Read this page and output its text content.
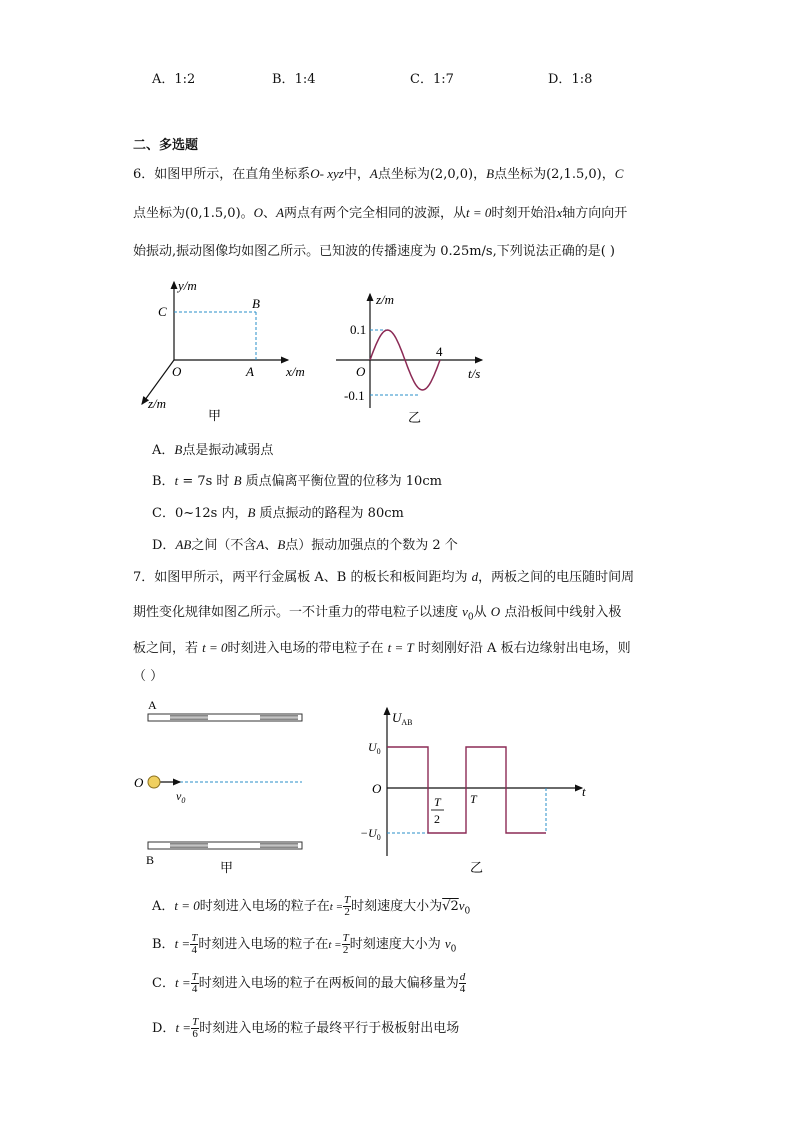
A．1:2	B．1:4	C．1:7	D．1:8
二、多选题
6．如图甲所示，在直角坐标系O- xyz中，A点坐标为(2,0,0)，B点坐标为(2,1.5,0)，C
点坐标为(0,1.5,0)。O、A两点有两个完全相同的波源，从t = 0时刻开始沿x轴方向向开
始振动,振动图像均如图乙所示。已知波的传播速度为 0.25m/s,下列说法正确的是( )
y/m
x/m
z/m
O	A
B
C
甲
z/m
t/s
O
0.1
-0.1
4
乙
A．B点是振动减弱点
B．t = 7s 时 B 质点偏离平衡位置的位移为 10cm
C．0~12s 内，B 质点振动的路程为 80cm
D．AB之间（不含A、B点）振动加强点的个数为 2 个
7．如图甲所示，两平行金属板 A、B 的板长和板间距均为 d，两板之间的电压随时间周
期性变化规律如图乙所示。一不计重力的带电粒子以速度 $v_0$从 O 点沿板间中线射入极
板之间，若 t = 0时刻进入电场的带电粒子在 t = T 时刻刚好沿 A 板右边缘射出电场，则
（ ）
A
B
O
$v_0$
甲
$U_{AB}$
t
O
$U_0$
$-U_0$
T
2
T
乙
A．t = 0时刻进入电场的粒子在$t = \frac{T}{2}$ 时刻速度大小为$√2v_0$
B．$t = \frac{T}{4}$ 时刻进入电场的粒子在$t = \frac{T}{2}$ 时刻速度大小为 $v_0$
C．$t = \frac{T}{4}$ 时刻进入电场的粒子在两板间的最大偏移量为 $\frac{d}{4}$
D．$t = \frac{T}{6}$ 时刻进入电场的粒子最终平行于极板射出电场
